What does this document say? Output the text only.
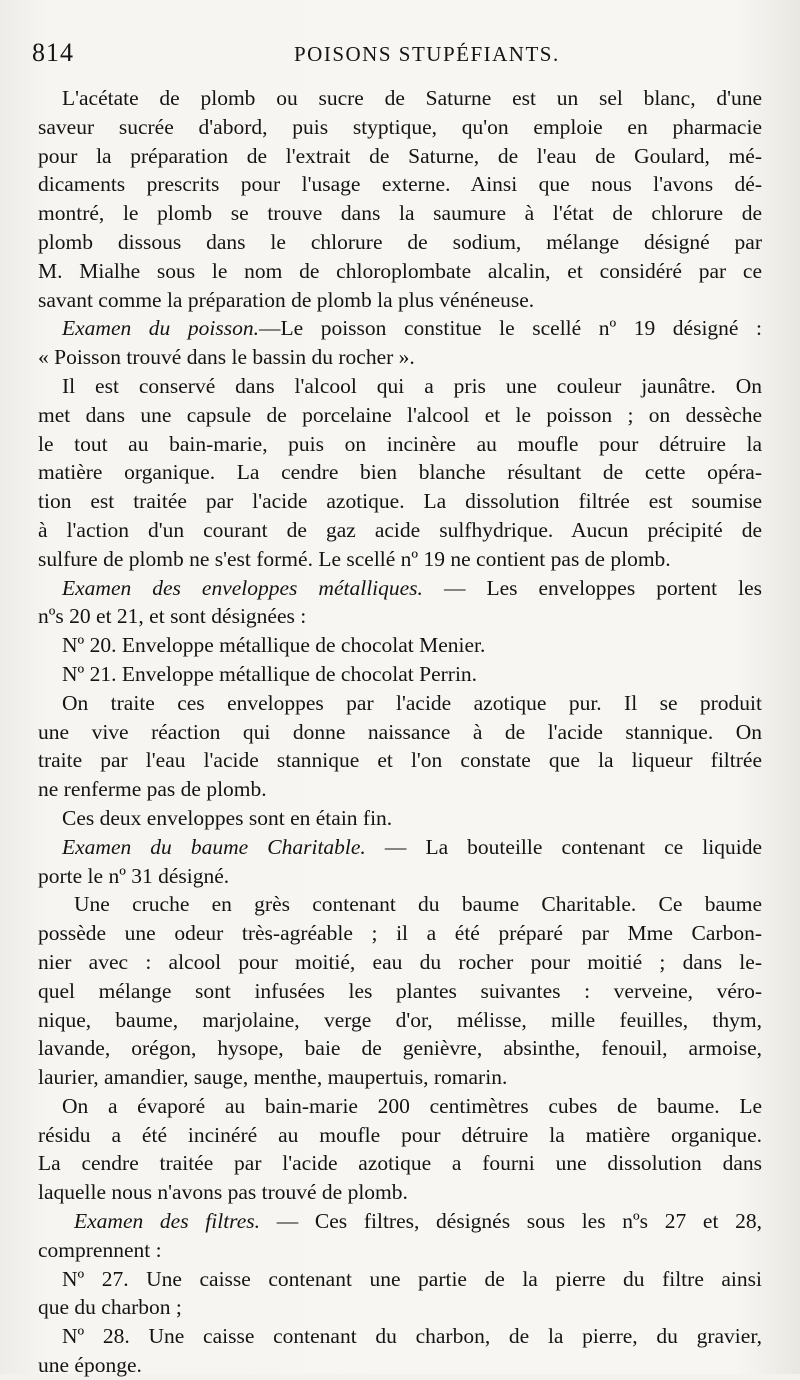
814	POISONS STUPÉFIANTS.
L'acétate de plomb ou sucre de Saturne est un sel blanc, d'une
saveur sucrée d'abord, puis styptique, qu'on emploie en pharmacie
pour la préparation de l'extrait de Saturne, de l'eau de Goulard, mé-
dicaments prescrits pour l'usage externe. Ainsi que nous l'avons dé-
montré, le plomb se trouve dans la saumure à l'état de chlorure de
plomb dissous dans le chlorure de sodium, mélange désigné par
M. Mialhe sous le nom de chloroplombate alcalin, et considéré par ce
savant comme la préparation de plomb la plus vénéneuse.
Examen du poisson.—Le poisson constitue le scellé nº 19 désigné :
« Poisson trouvé dans le bassin du rocher ».
Il est conservé dans l'alcool qui a pris une couleur jaunâtre. On
met dans une capsule de porcelaine l'alcool et le poisson ; on dessèche
le tout au bain-marie, puis on incinère au moufle pour détruire la
matière organique. La cendre bien blanche résultant de cette opéra-
tion est traitée par l'acide azotique. La dissolution filtrée est soumise
à l'action d'un courant de gaz acide sulfhydrique. Aucun précipité de
sulfure de plomb ne s'est formé. Le scellé nº 19 ne contient pas de plomb.
Examen des enveloppes métalliques. — Les enveloppes portent les
nºs 20 et 21, et sont désignées :
Nº 20. Enveloppe métallique de chocolat Menier.
Nº 21. Enveloppe métallique de chocolat Perrin.
On traite ces enveloppes par l'acide azotique pur. Il se produit
une vive réaction qui donne naissance à de l'acide stannique. On
traite par l'eau l'acide stannique et l'on constate que la liqueur filtrée
ne renferme pas de plomb.
Ces deux enveloppes sont en étain fin.
Examen du baume Charitable. — La bouteille contenant ce liquide
porte le nº 31 désigné.
Une cruche en grès contenant du baume Charitable. Ce baume
possède une odeur très-agréable ; il a été préparé par Mme Carbon-
nier avec : alcool pour moitié, eau du rocher pour moitié ; dans le-
quel mélange sont infusées les plantes suivantes : verveine, véro-
nique, baume, marjolaine, verge d'or, mélisse, mille feuilles, thym,
lavande, orégon, hysope, baie de genièvre, absinthe, fenouil, armoise,
laurier, amandier, sauge, menthe, maupertuis, romarin.
On a évaporé au bain-marie 200 centimètres cubes de baume. Le
résidu a été incinéré au moufle pour détruire la matière organique.
La cendre traitée par l'acide azotique a fourni une dissolution dans
laquelle nous n'avons pas trouvé de plomb.
Examen des filtres. — Ces filtres, désignés sous les nºs 27 et 28,
comprennent :
Nº 27. Une caisse contenant une partie de la pierre du filtre ainsi
que du charbon ;
Nº 28. Une caisse contenant du charbon, de la pierre, du gravier,
une éponge.
